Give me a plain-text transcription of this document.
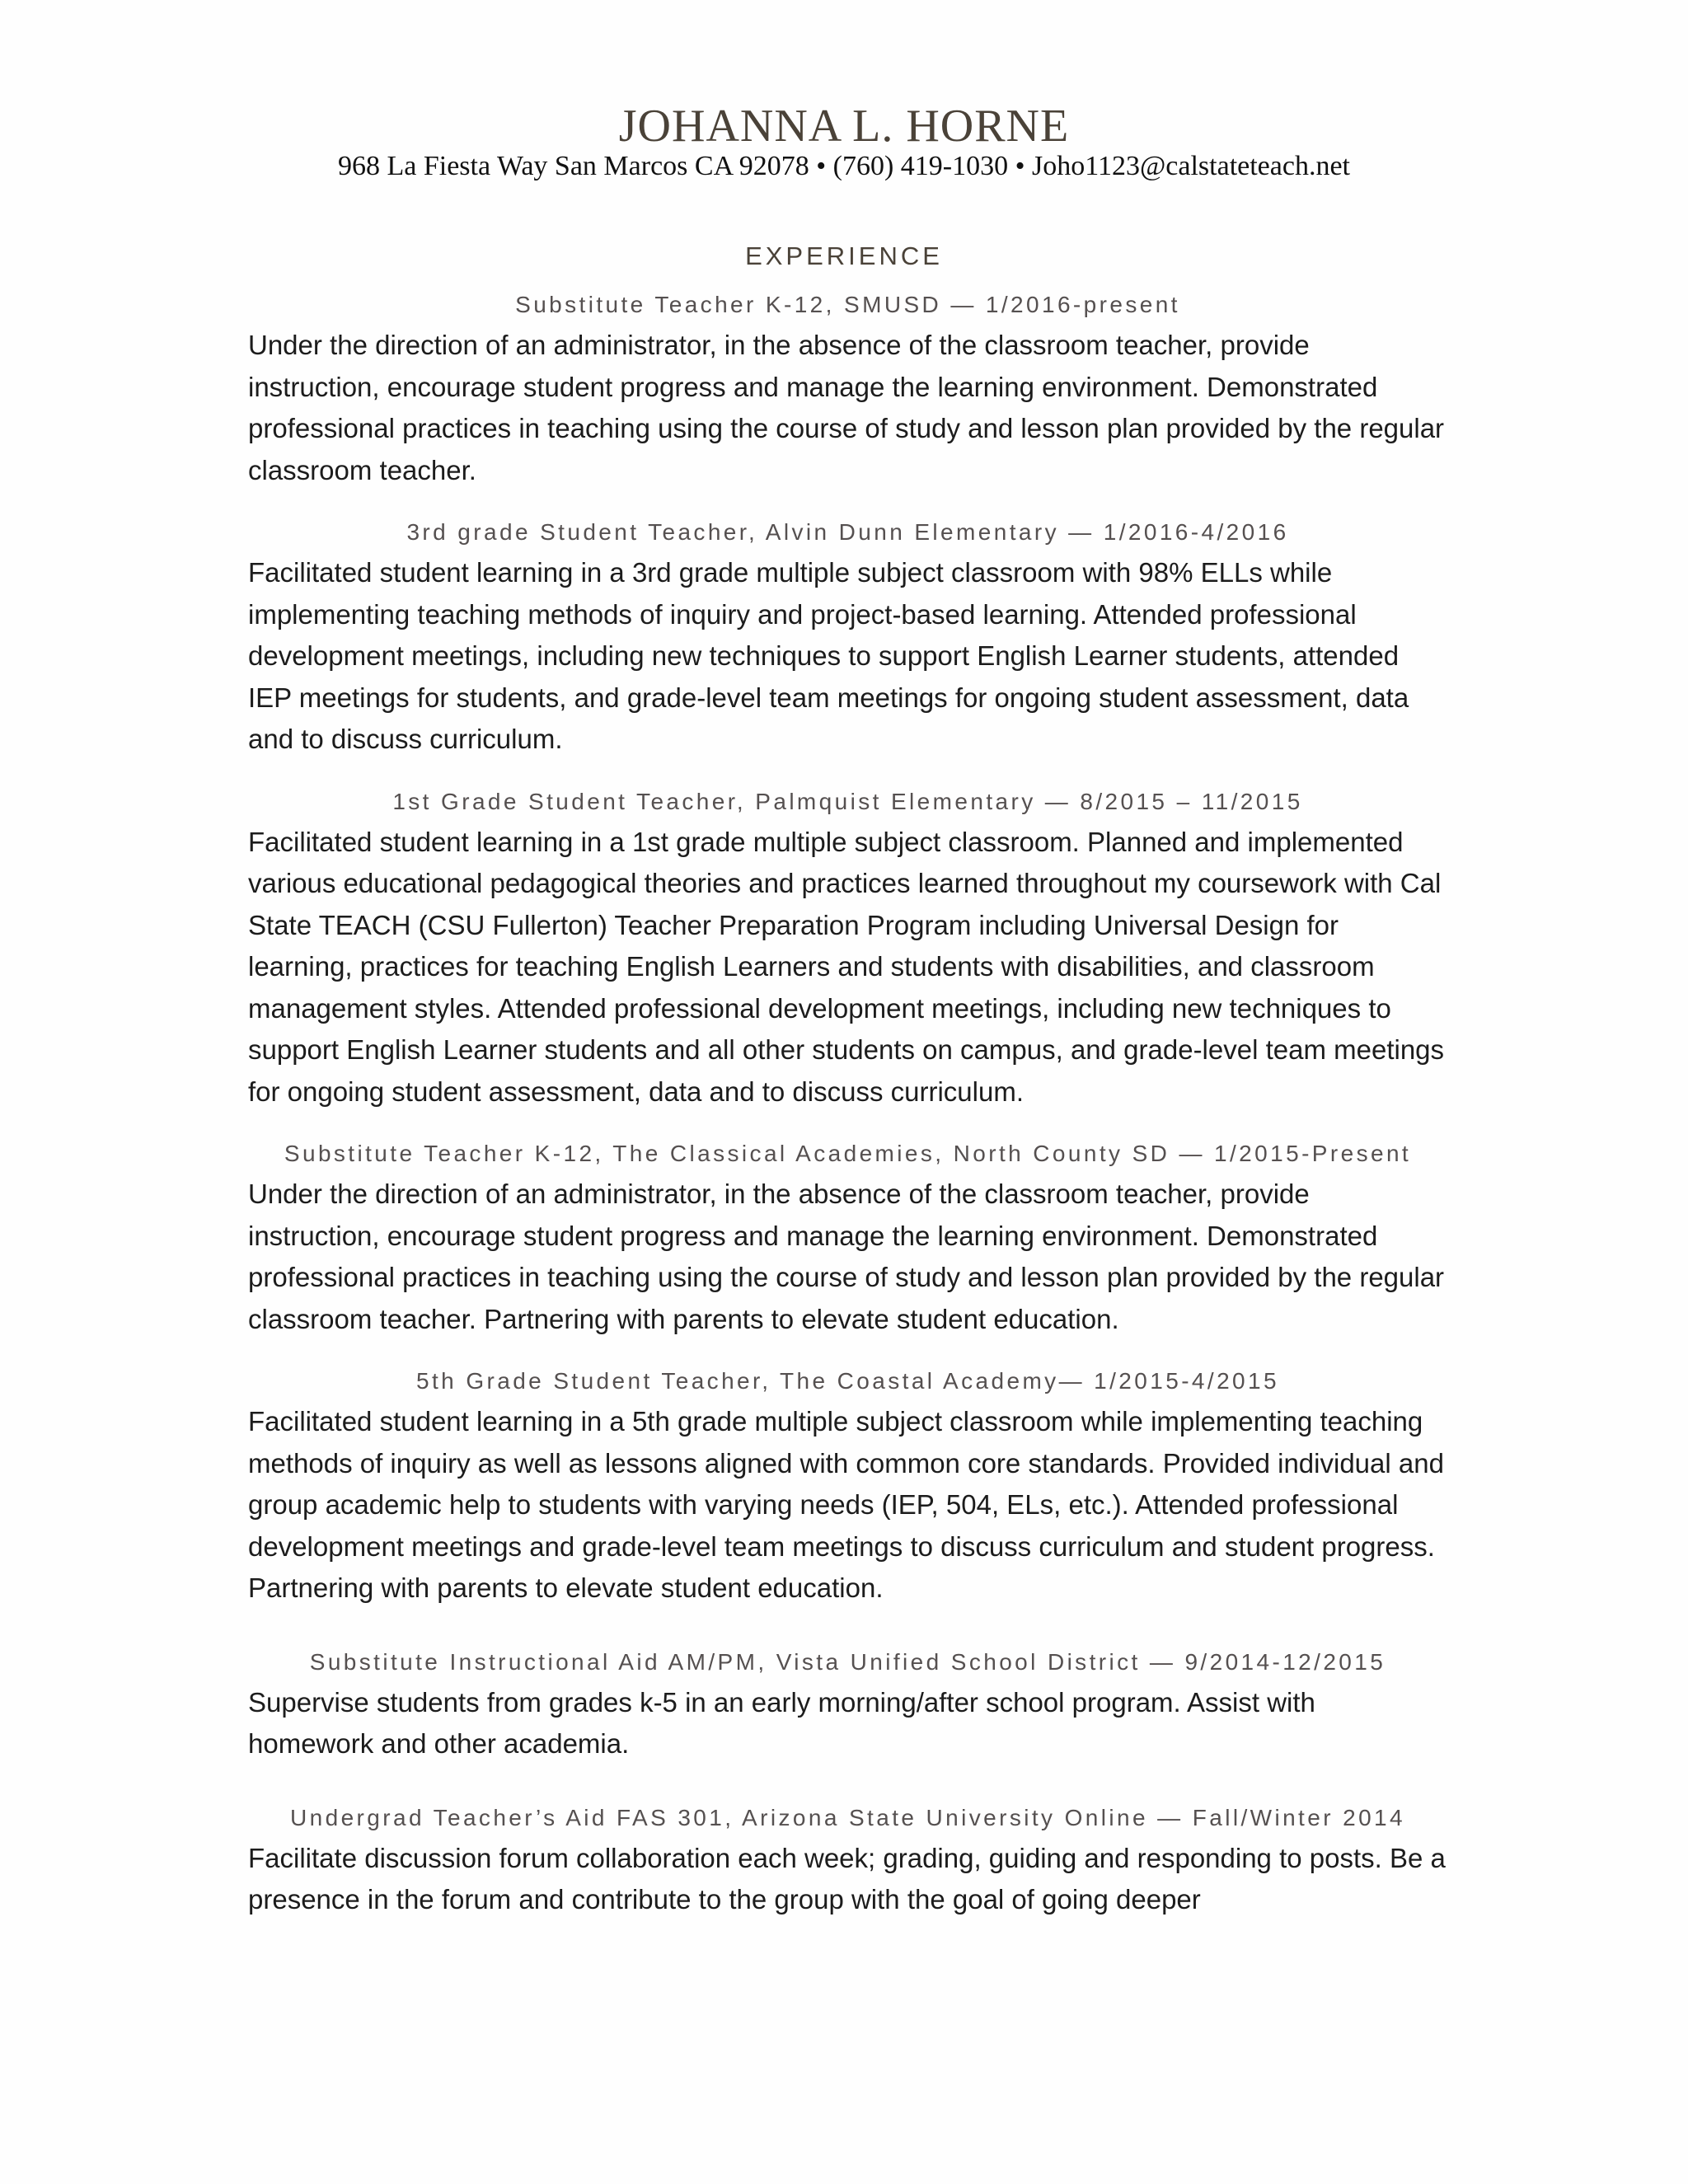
JOHANNA L. HORNE
968 La Fiesta Way San Marcos CA 92078 • (760) 419-1030 • Joho1123@calstateteach.net
EXPERIENCE
Substitute Teacher K-12, SMUSD — 1/2016-present

Under the direction of an administrator, in the absence of the classroom teacher, provide instruction, encourage student progress and manage the learning environment. Demonstrated professional practices in teaching using the course of study and lesson plan provided by the regular classroom teacher.

3rd grade Student Teacher, Alvin Dunn Elementary — 1/2016-4/2016

Facilitated student learning in a 3rd grade multiple subject classroom with 98% ELLs while implementing teaching methods of inquiry and project-based learning. Attended professional development meetings, including new techniques to support English Learner students, attended IEP meetings for students, and grade-level team meetings for ongoing student assessment, data and to discuss curriculum.

1st Grade Student Teacher, Palmquist Elementary — 8/2015 – 11/2015

Facilitated student learning in a 1st grade multiple subject classroom. Planned and implemented various educational pedagogical theories and practices learned throughout my coursework with Cal State TEACH (CSU Fullerton) Teacher Preparation Program including Universal Design for learning, practices for teaching English Learners and students with disabilities, and classroom management styles. Attended professional development meetings, including new techniques to support English Learner students and all other students on campus, and grade-level team meetings for ongoing student assessment, data and to discuss curriculum.

Substitute Teacher K-12, The Classical Academies, North County SD — 1/2015-Present

Under the direction of an administrator, in the absence of the classroom teacher, provide instruction, encourage student progress and manage the learning environment. Demonstrated professional practices in teaching using the course of study and lesson plan provided by the regular classroom teacher. Partnering with parents to elevate student education.

5th Grade Student Teacher, The Coastal Academy— 1/2015-4/2015

Facilitated student learning in a 5th grade multiple subject classroom while implementing teaching methods of inquiry as well as lessons aligned with common core standards. Provided individual and group academic help to students with varying needs (IEP, 504, ELs, etc.). Attended professional development meetings and grade-level team meetings to discuss curriculum and student progress. Partnering with parents to elevate student education.

Substitute Instructional Aid AM/PM, Vista Unified School District — 9/2014-12/2015

Supervise students from grades k-5 in an early morning/after school program. Assist with homework and other academia.

Undergrad Teacher’s Aid FAS 301, Arizona State University Online — Fall/Winter 2014

Facilitate discussion forum collaboration each week; grading, guiding and responding to posts. Be a presence in the forum and contribute to the group with the goal of going deeper
